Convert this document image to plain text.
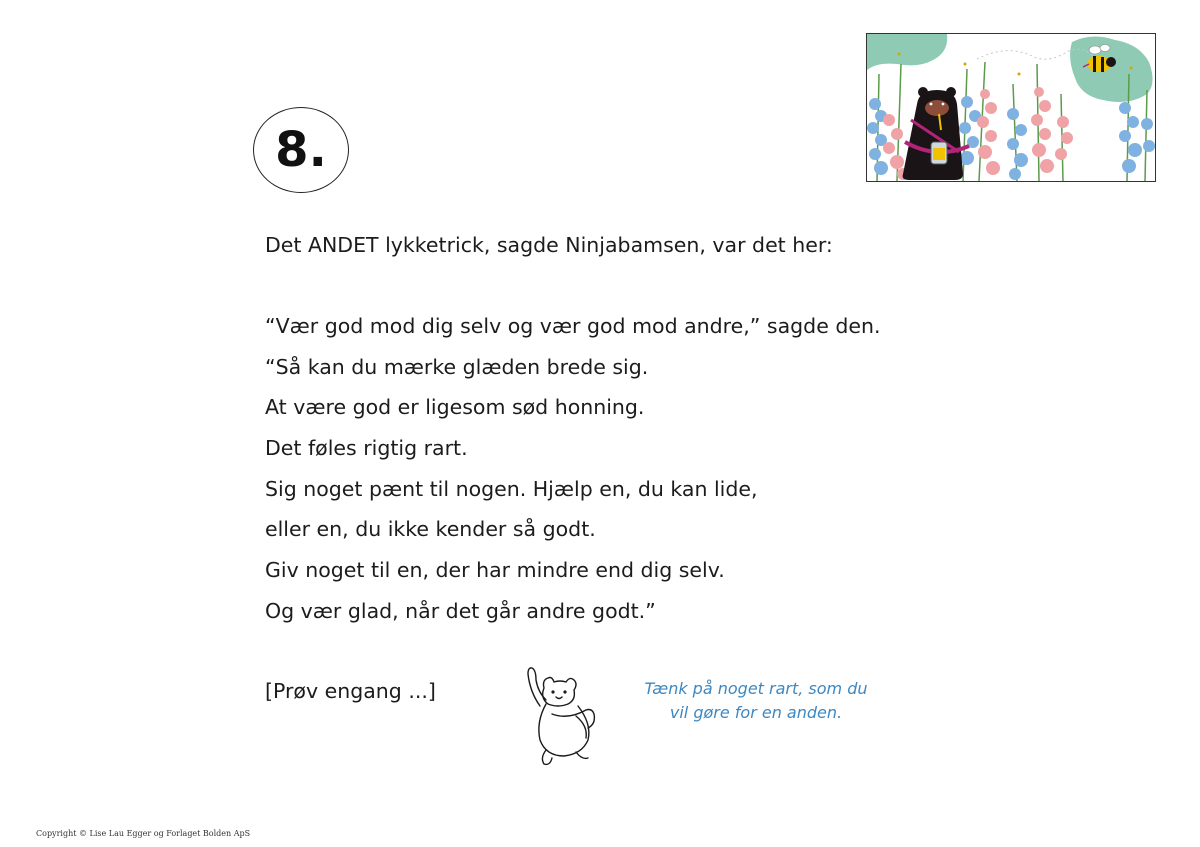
8.
Det ANDET lykketrick, sagde Ninjabamsen, var det her:
“Vær god mod dig selv og vær god mod andre,” sagde den.
“Så kan du mærke glæden brede sig.
At være god er ligesom sød honning.
Det føles rigtig rart.
Sig noget pænt til nogen. Hjælp en, du kan lide,
eller en, du ikke kender så godt.
Giv noget til en, der har mindre end dig selv.
Og vær glad, når det går andre godt.”
[Prøv engang ...]	Tænk på noget rart, som du
vil gøre for en anden.
Copyright © Lise Lau Egger og Forlaget Bolden ApS
